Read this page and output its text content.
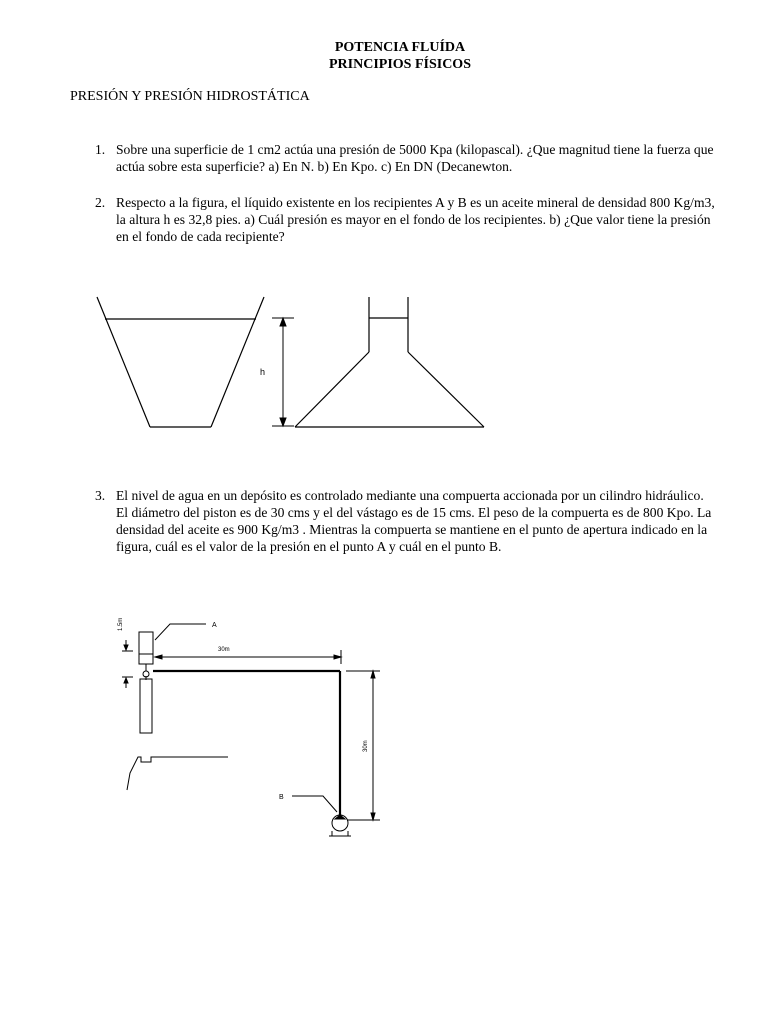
POTENCIA FLUÍDA
PRINCIPIOS FÍSICOS
PRESIÓN Y PRESIÓN HIDROSTÁTICA
1. Sobre una superficie de 1 cm2 actúa una presión de 5000 Kpa (kilopascal). ¿Que magnitud tiene la fuerza que actúa sobre esta superficie? a) En N. b) En Kpo. c) En DN (Decanewton.
2. Respecto a la figura, el líquido existente en los recipientes A y B es un aceite mineral de densidad 800 Kg/m3, la altura h es 32,8 pies. a) Cuál presión es mayor en el fondo de los recipientes. b) ¿Que valor tiene la presión en el fondo de cada recipiente?
3. El nivel de agua en un depósito es controlado mediante una compuerta accionada por un cilindro hidráulico. El diámetro del piston es de 30 cms y el del vástago es de 15 cms. El peso de la compuerta es de 800 Kpo. La densidad del aceite es 900 Kg/m3 . Mientras la compuerta se mantiene en el punto de apertura indicado en la figura, cuál es el valor de la presión en el punto A y cuál en el punto B.
h
1.5m	A
B
30m
30m
